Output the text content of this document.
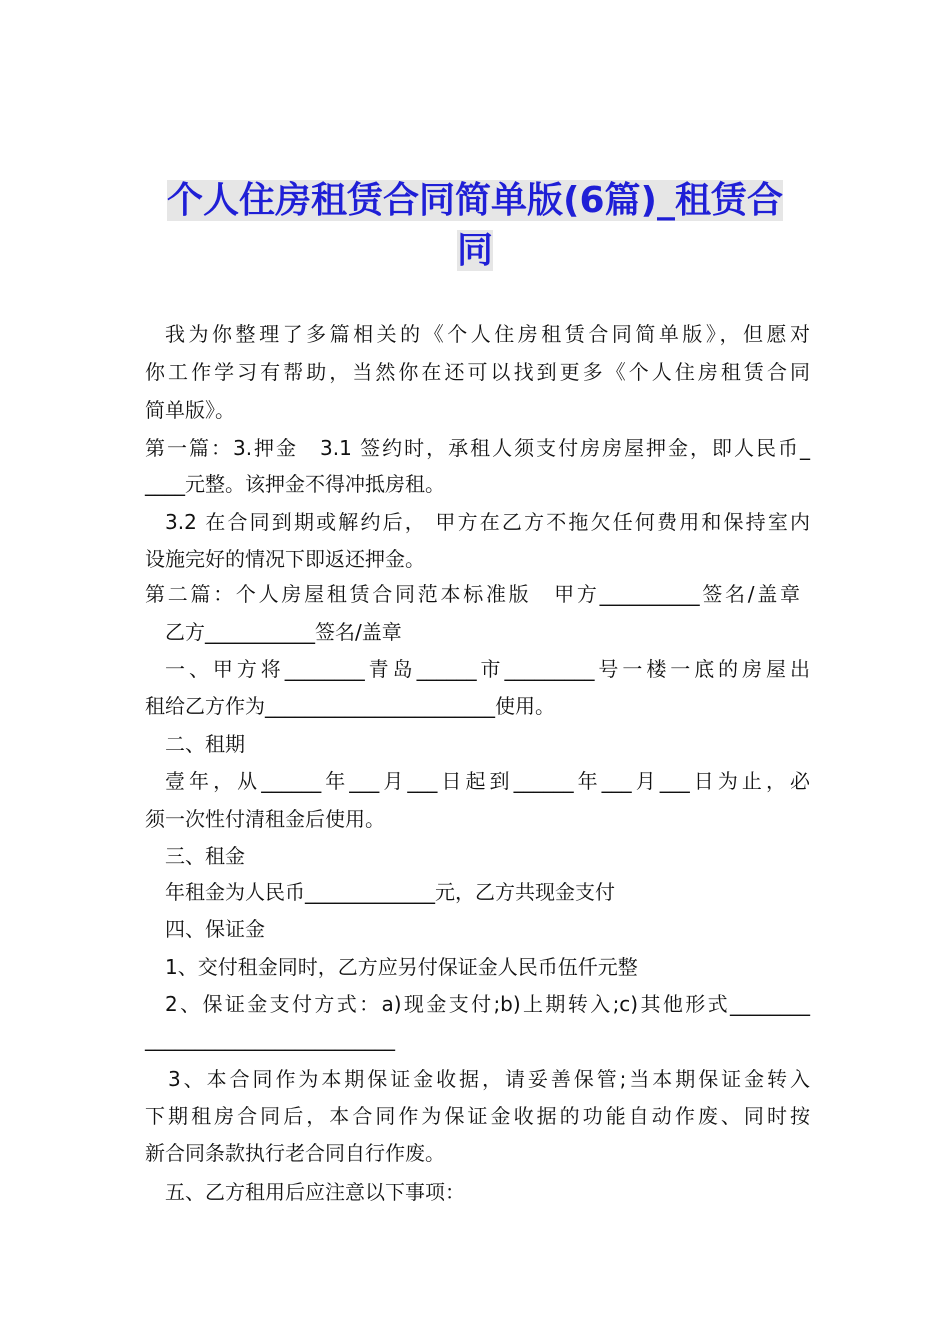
个人住房租赁合同简单版(6篇)_租赁合
同
我为你整理了多篇相关的《个人住房租赁合同简单版》，但愿对
你工作学习有帮助，当然你在还可以找到更多《个人住房租赁合同
简单版》。
第一篇：3.押金　3.1 签约时，承租人须支付房房屋押金，即人民币_
____元整。该押金不得冲抵房租。
3.2 在合同到期或解约后， 甲方在乙方不拖欠任何费用和保持室内
设施完好的情况下即返还押金。
第二篇：个人房屋租赁合同范本标准版　甲方__________签名/盖章
乙方___________签名/盖章
一、甲方将________青岛______市_________号一楼一底的房屋出
租给乙方作为_______________________使用。
二、租期
壹年，从______年___月___日起到______年___月___日为止，必
须一次性付清租金后使用。
三、租金
年租金为人民币_____________元，乙方共现金支付
四、保证金
1、交付租金同时，乙方应另付保证金人民币伍仟元整
2、保证金支付方式：a)现金支付;b)上期转入;c)其他形式________
_________________________
3、本合同作为本期保证金收据，请妥善保管;当本期保证金转入
下期租房合同后，本合同作为保证金收据的功能自动作废、同时按
新合同条款执行老合同自行作废。
五、乙方租用后应注意以下事项：
